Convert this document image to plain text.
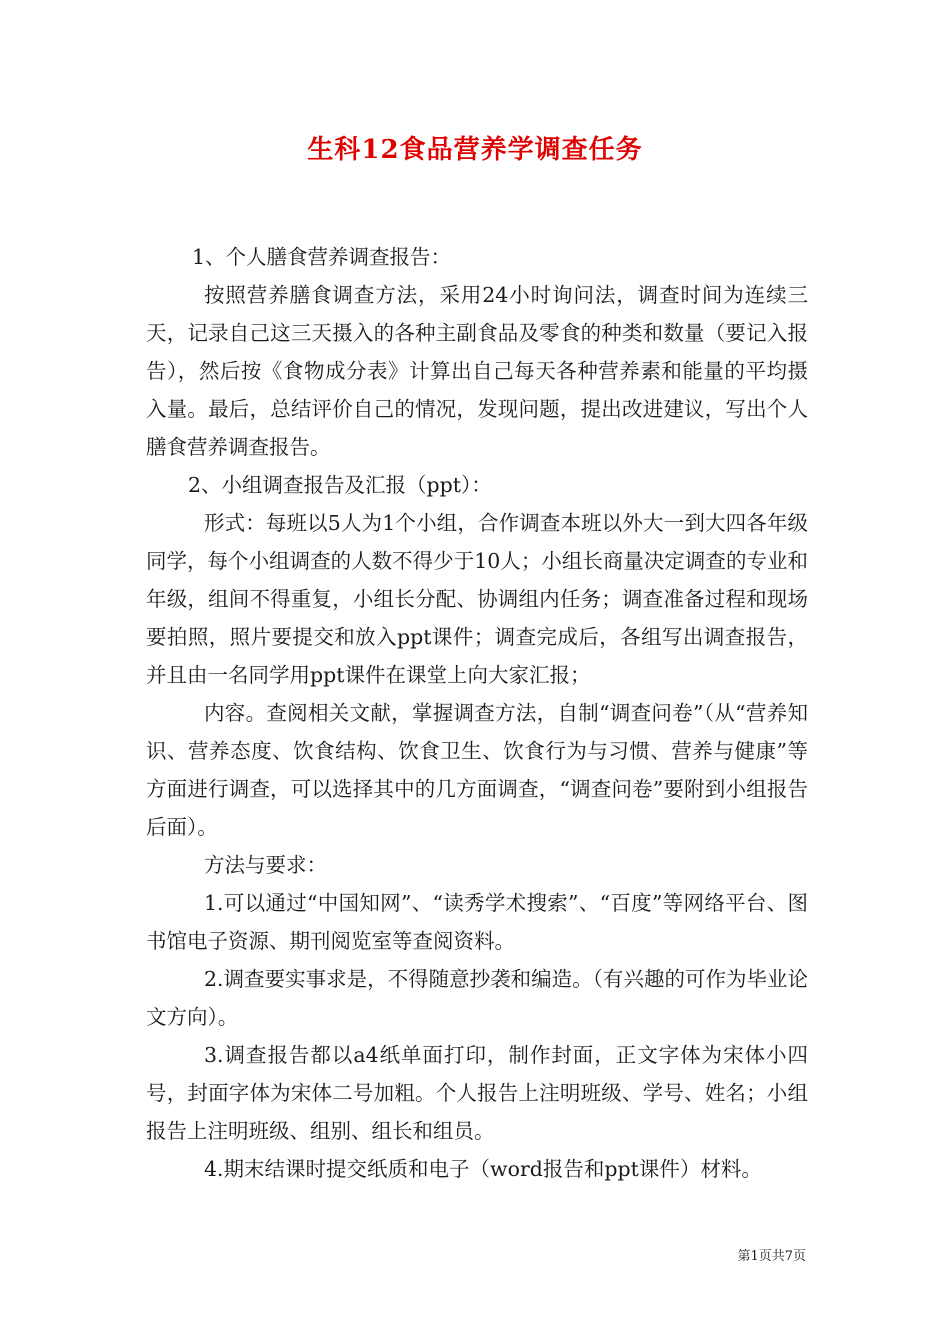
生科12食品营养学调查任务

1、个人膳食营养调查报告：

按照营养膳食调查方法，采用24小时询问法，调查时间为连续三天，记录自己这三天摄入的各种主副食品及零食的种类和数量（要记入报告），然后按《食物成分表》计算出自己每天各种营养素和能量的平均摄入量。最后，总结评价自己的情况，发现问题，提出改进建议，写出个人膳食营养调查报告。

2、小组调查报告及汇报（ppt）：

形式：每班以5人为1个小组，合作调查本班以外大一到大四各年级同学，每个小组调查的人数不得少于10人；小组长商量决定调查的专业和年级，组间不得重复，小组长分配、协调组内任务；调查准备过程和现场要拍照，照片要提交和放入ppt课件；调查完成后，各组写出调查报告，并且由一名同学用ppt课件在课堂上向大家汇报；

内容。查阅相关文献，掌握调查方法，自制“调查问卷”（从“营养知识、营养态度、饮食结构、饮食卫生、饮食行为与习惯、营养与健康”等方面进行调查，可以选择其中的几方面调查，“调查问卷”要附到小组报告后面）。

方法与要求：

1.可以通过“中国知网”、“读秀学术搜索”、“百度”等网络平台、图书馆电子资源、期刊阅览室等查阅资料。

2.调查要实事求是，不得随意抄袭和编造。（有兴趣的可作为毕业论文方向）。

3.调查报告都以a4纸单面打印，制作封面，正文字体为宋体小四号，封面字体为宋体二号加粗。个人报告上注明班级、学号、姓名；小组报告上注明班级、组别、组长和组员。

4.期末结课时提交纸质和电子（word报告和ppt课件）材料。

第1页共7页
